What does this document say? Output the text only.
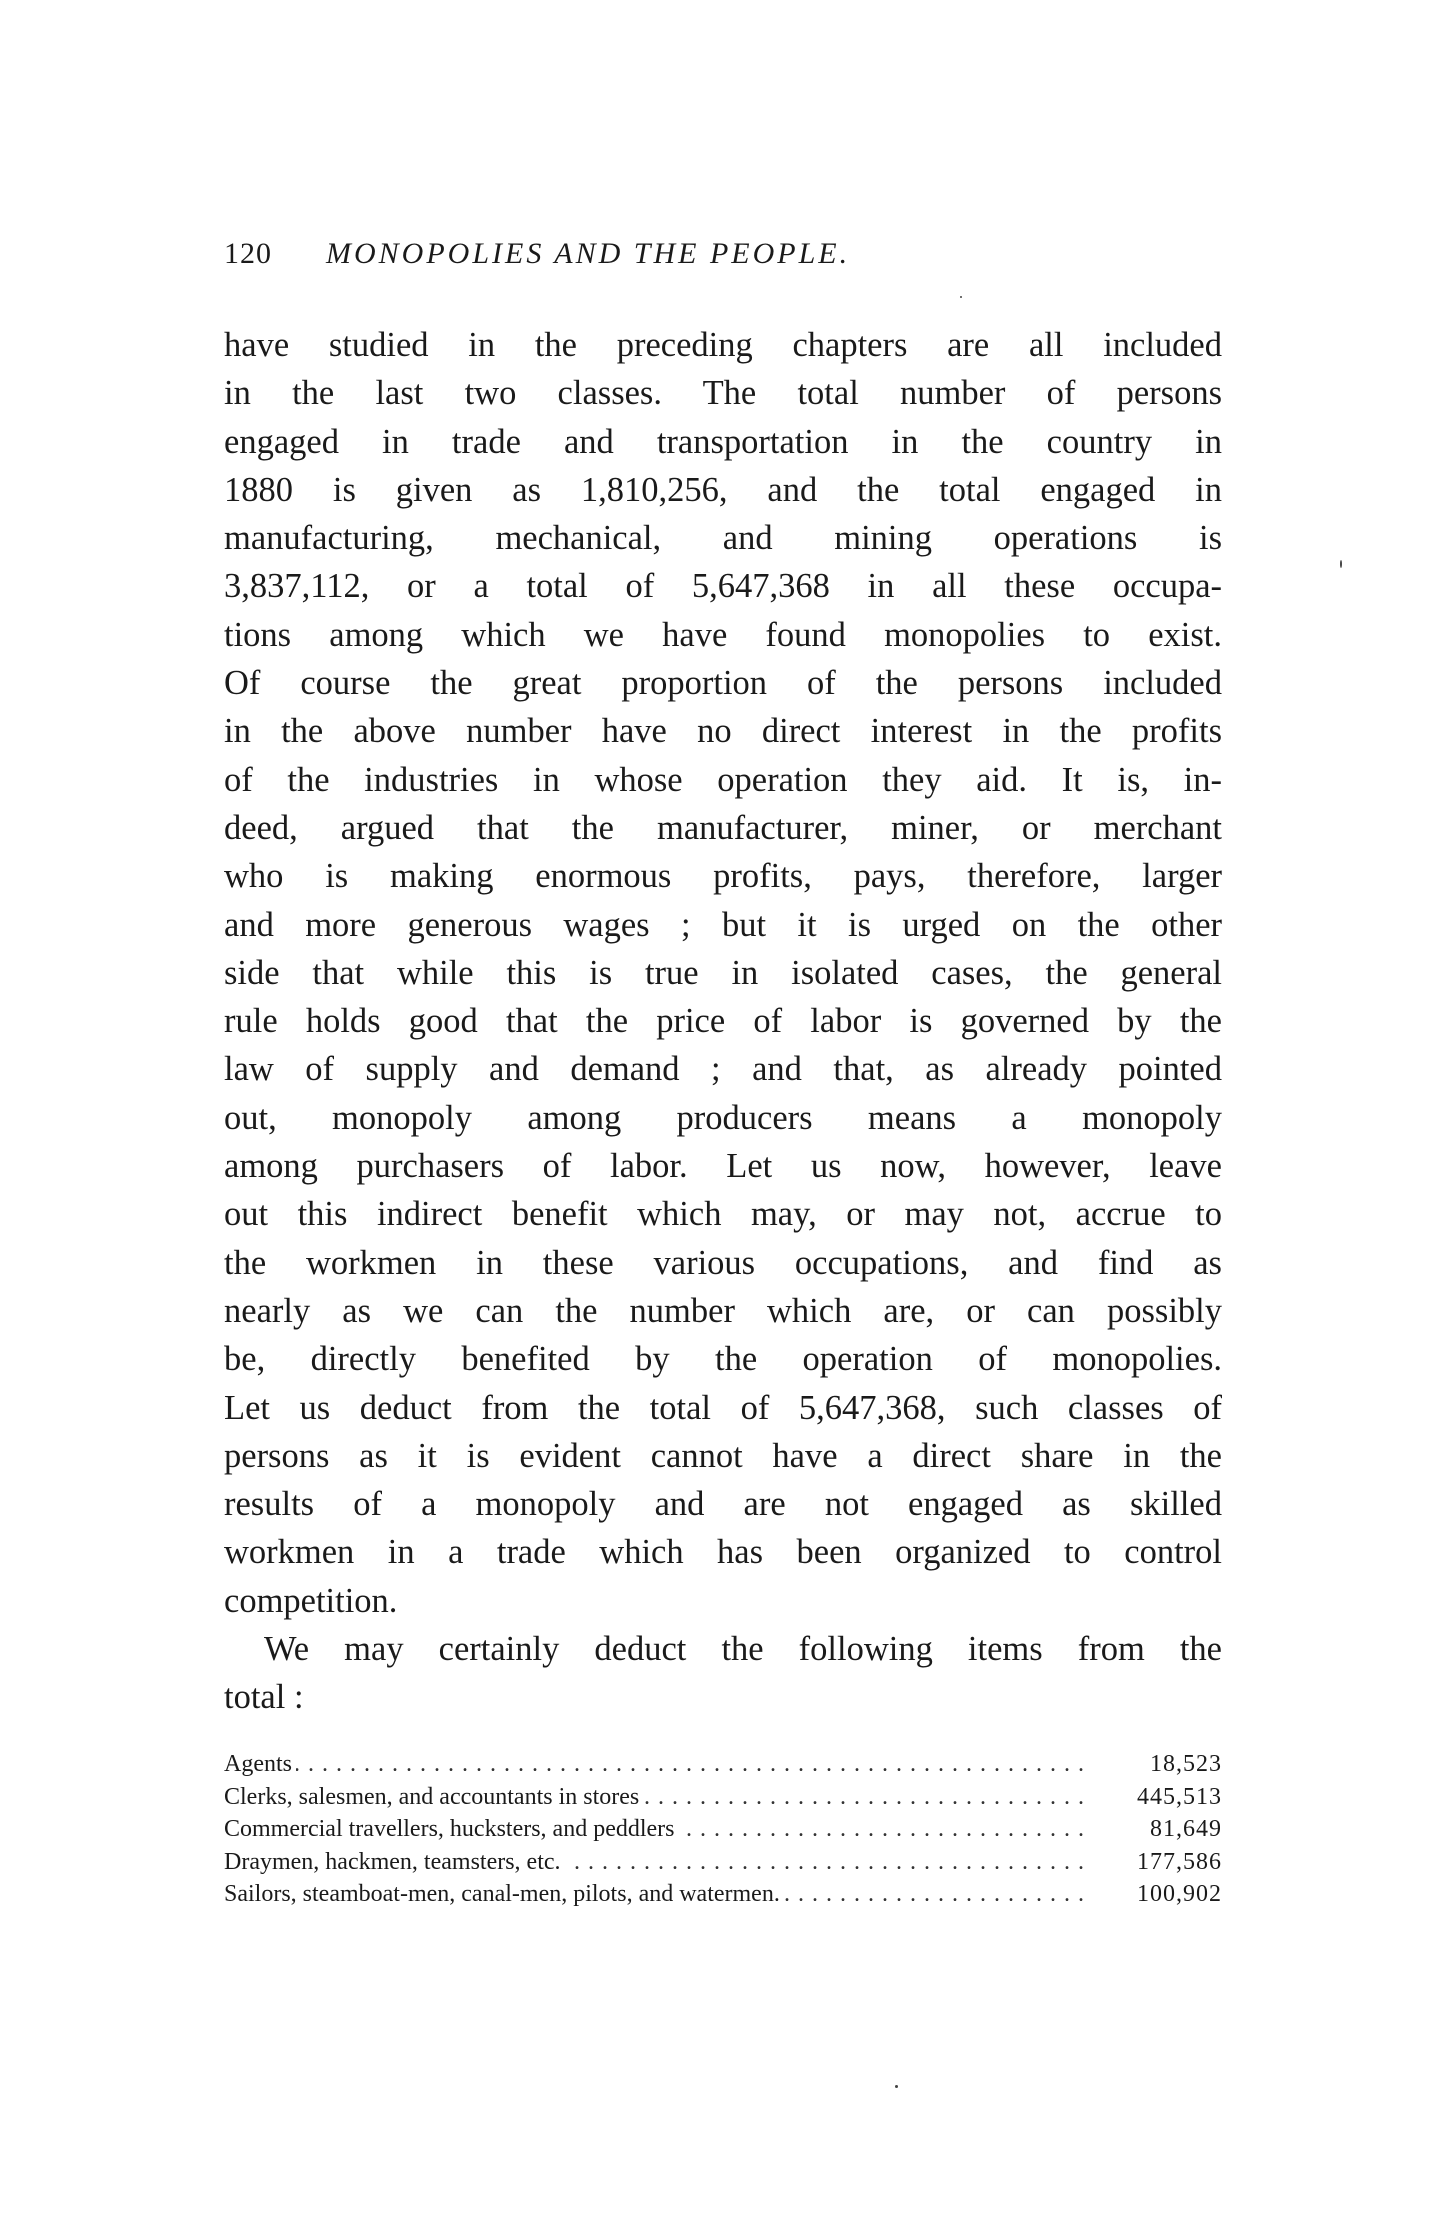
120 MONOPOLIES AND THE PEOPLE.
have studied in the preceding chapters are all included
in the last two classes. The total number of persons
engaged in trade and transportation in the country in
1880 is given as 1,810,256, and the total engaged in
manufacturing, mechanical, and mining operations is
3,837,112, or a total of 5,647,368 in all these occupa-
tions among which we have found monopolies to exist.
Of course the great proportion of the persons included
in the above number have no direct interest in the profits
of the industries in whose operation they aid. It is, in-
deed, argued that the manufacturer, miner, or merchant
who is making enormous profits, pays, therefore, larger
and more generous wages ; but it is urged on the other
side that while this is true in isolated cases, the general
rule holds good that the price of labor is governed by the
law of supply and demand ; and that, as already pointed
out, monopoly among producers means a monopoly
among purchasers of labor. Let us now, however, leave
out this indirect benefit which may, or may not, accrue to
the workmen in these various occupations, and find as
nearly as we can the number which are, or can possibly
be, directly benefited by the operation of monopolies.
Let us deduct from the total of 5,647,368, such classes of
persons as it is evident cannot have a direct share in the
results of a monopoly and are not engaged as skilled
workmen in a trade which has been organized to control
competition.
We may certainly deduct the following items from the
total :
Agents . . .	18,523
Clerks, salesmen, and accountants in stores . . .	445,513
Commercial travellers, hucksters, and peddlers . . .	81,649
Draymen, hackmen, teamsters, etc. . . .	177,586
Sailors, steamboat-men, canal-men, pilots, and watermen. . . .	100,902
